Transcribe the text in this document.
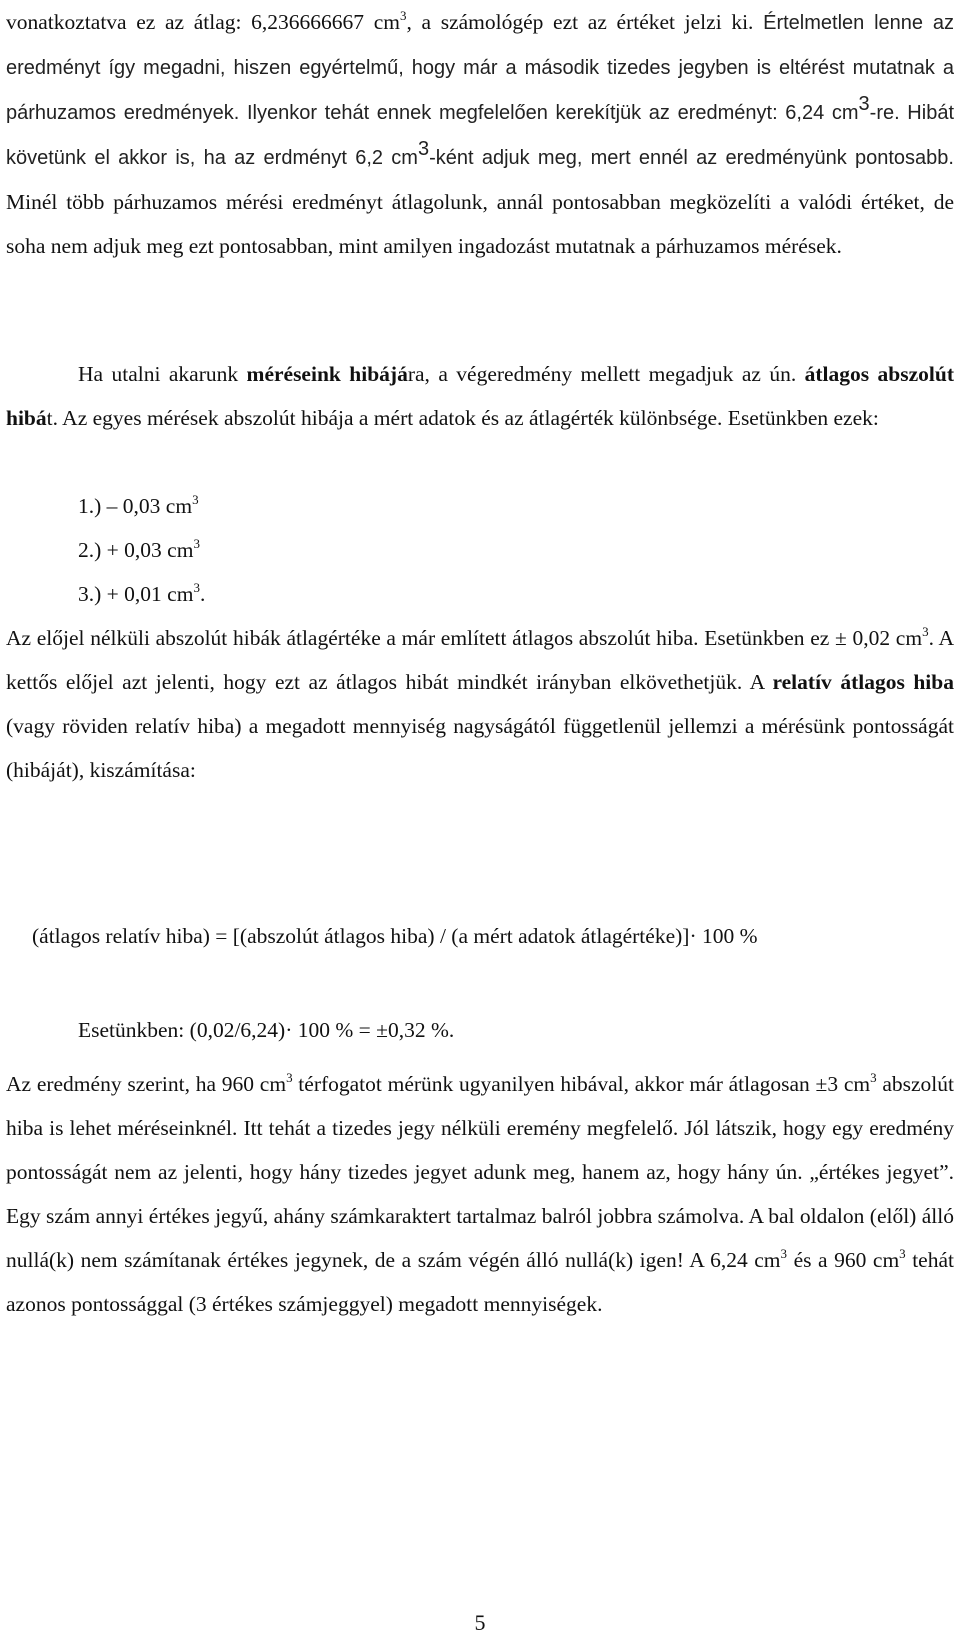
vonatkoztatva ez az átlag: 6,236666667 $cm^3$, a számológép ezt az értéket jelzi ki. Értelmetlen lenne az eredményt így megadni, hiszen egyértelmű, hogy már a második tizedes jegyben is eltérést mutatnak a párhuzamos eredmények. Ilyenkor tehát ennek megfelelően kerekítjük az eredményt: 6,24 $cm^3-re$. Hibát követünk el akkor is, ha az erdményt 6,2 $cm^3$-ként adjuk meg, mert ennél az eredményünk pontosabb. Minél több párhuzamos mérési eredményt átlagolunk, annál pontosabban megközelíti a valódi értéket, de soha nem adjuk meg ezt pontosabban, mint amilyen ingadozást mutatnak a párhuzamos mérések.

Ha utalni akarunk méréseink hibájára, a végeredmény mellett megadjuk az ún. átlagos abszolút hibát. Az egyes mérések abszolút hibája a mért adatok és az átlagérték különbsége. Esetünkben ezek:

1.) – 0,03 $cm^3$
2.) + 0,03 $cm^3$
3.) + 0,01 $cm^3$.

Az előjel nélküli abszolút hibák átlagértéke a már említett átlagos abszolút hiba. Esetünkben ez ± 0,02 $cm^3$. A kettős előjel azt jelenti, hogy ezt az átlagos hibát mindkét irányban elkövethetjük. A relatív átlagos hiba (vagy röviden relatív hiba) a megadott mennyiség nagyságától függetlenül jellemzi a mérésünk pontosságát (hibáját), kiszámítása:

(átlagos relatív hiba) = [(abszolút átlagos hiba) / (a mért adatok átlagértéke)]· 100 %
Esetünkben: (0,02/6,24)· 100 % = ±0,32 %.

Az eredmény szerint, ha 960 $cm^3$ térfogatot mérünk ugyanilyen hibával, akkor már átlagosan ±3 $cm^3$ abszolút hiba is lehet méréseinknél. Itt tehát a tizedes jegy nélküli eremény megfelelő. Jól látszik, hogy egy eredmény pontosságát nem az jelenti, hogy hány tizedes jegyet adunk meg, hanem az, hogy hány ún. „értékes jegyet”. Egy szám annyi értékes jegyű, ahány számkaraktert tartalmaz balról jobbra számolva. A bal oldalon (elől) álló nullá(k) nem számítanak értékes jegynek, de a szám végén álló nullá(k) igen! A 6,24 $cm^3$ és a 960 $cm^3$ tehát azonos pontossággal (3 értékes számjeggyel) megadott mennyiségek.

5
